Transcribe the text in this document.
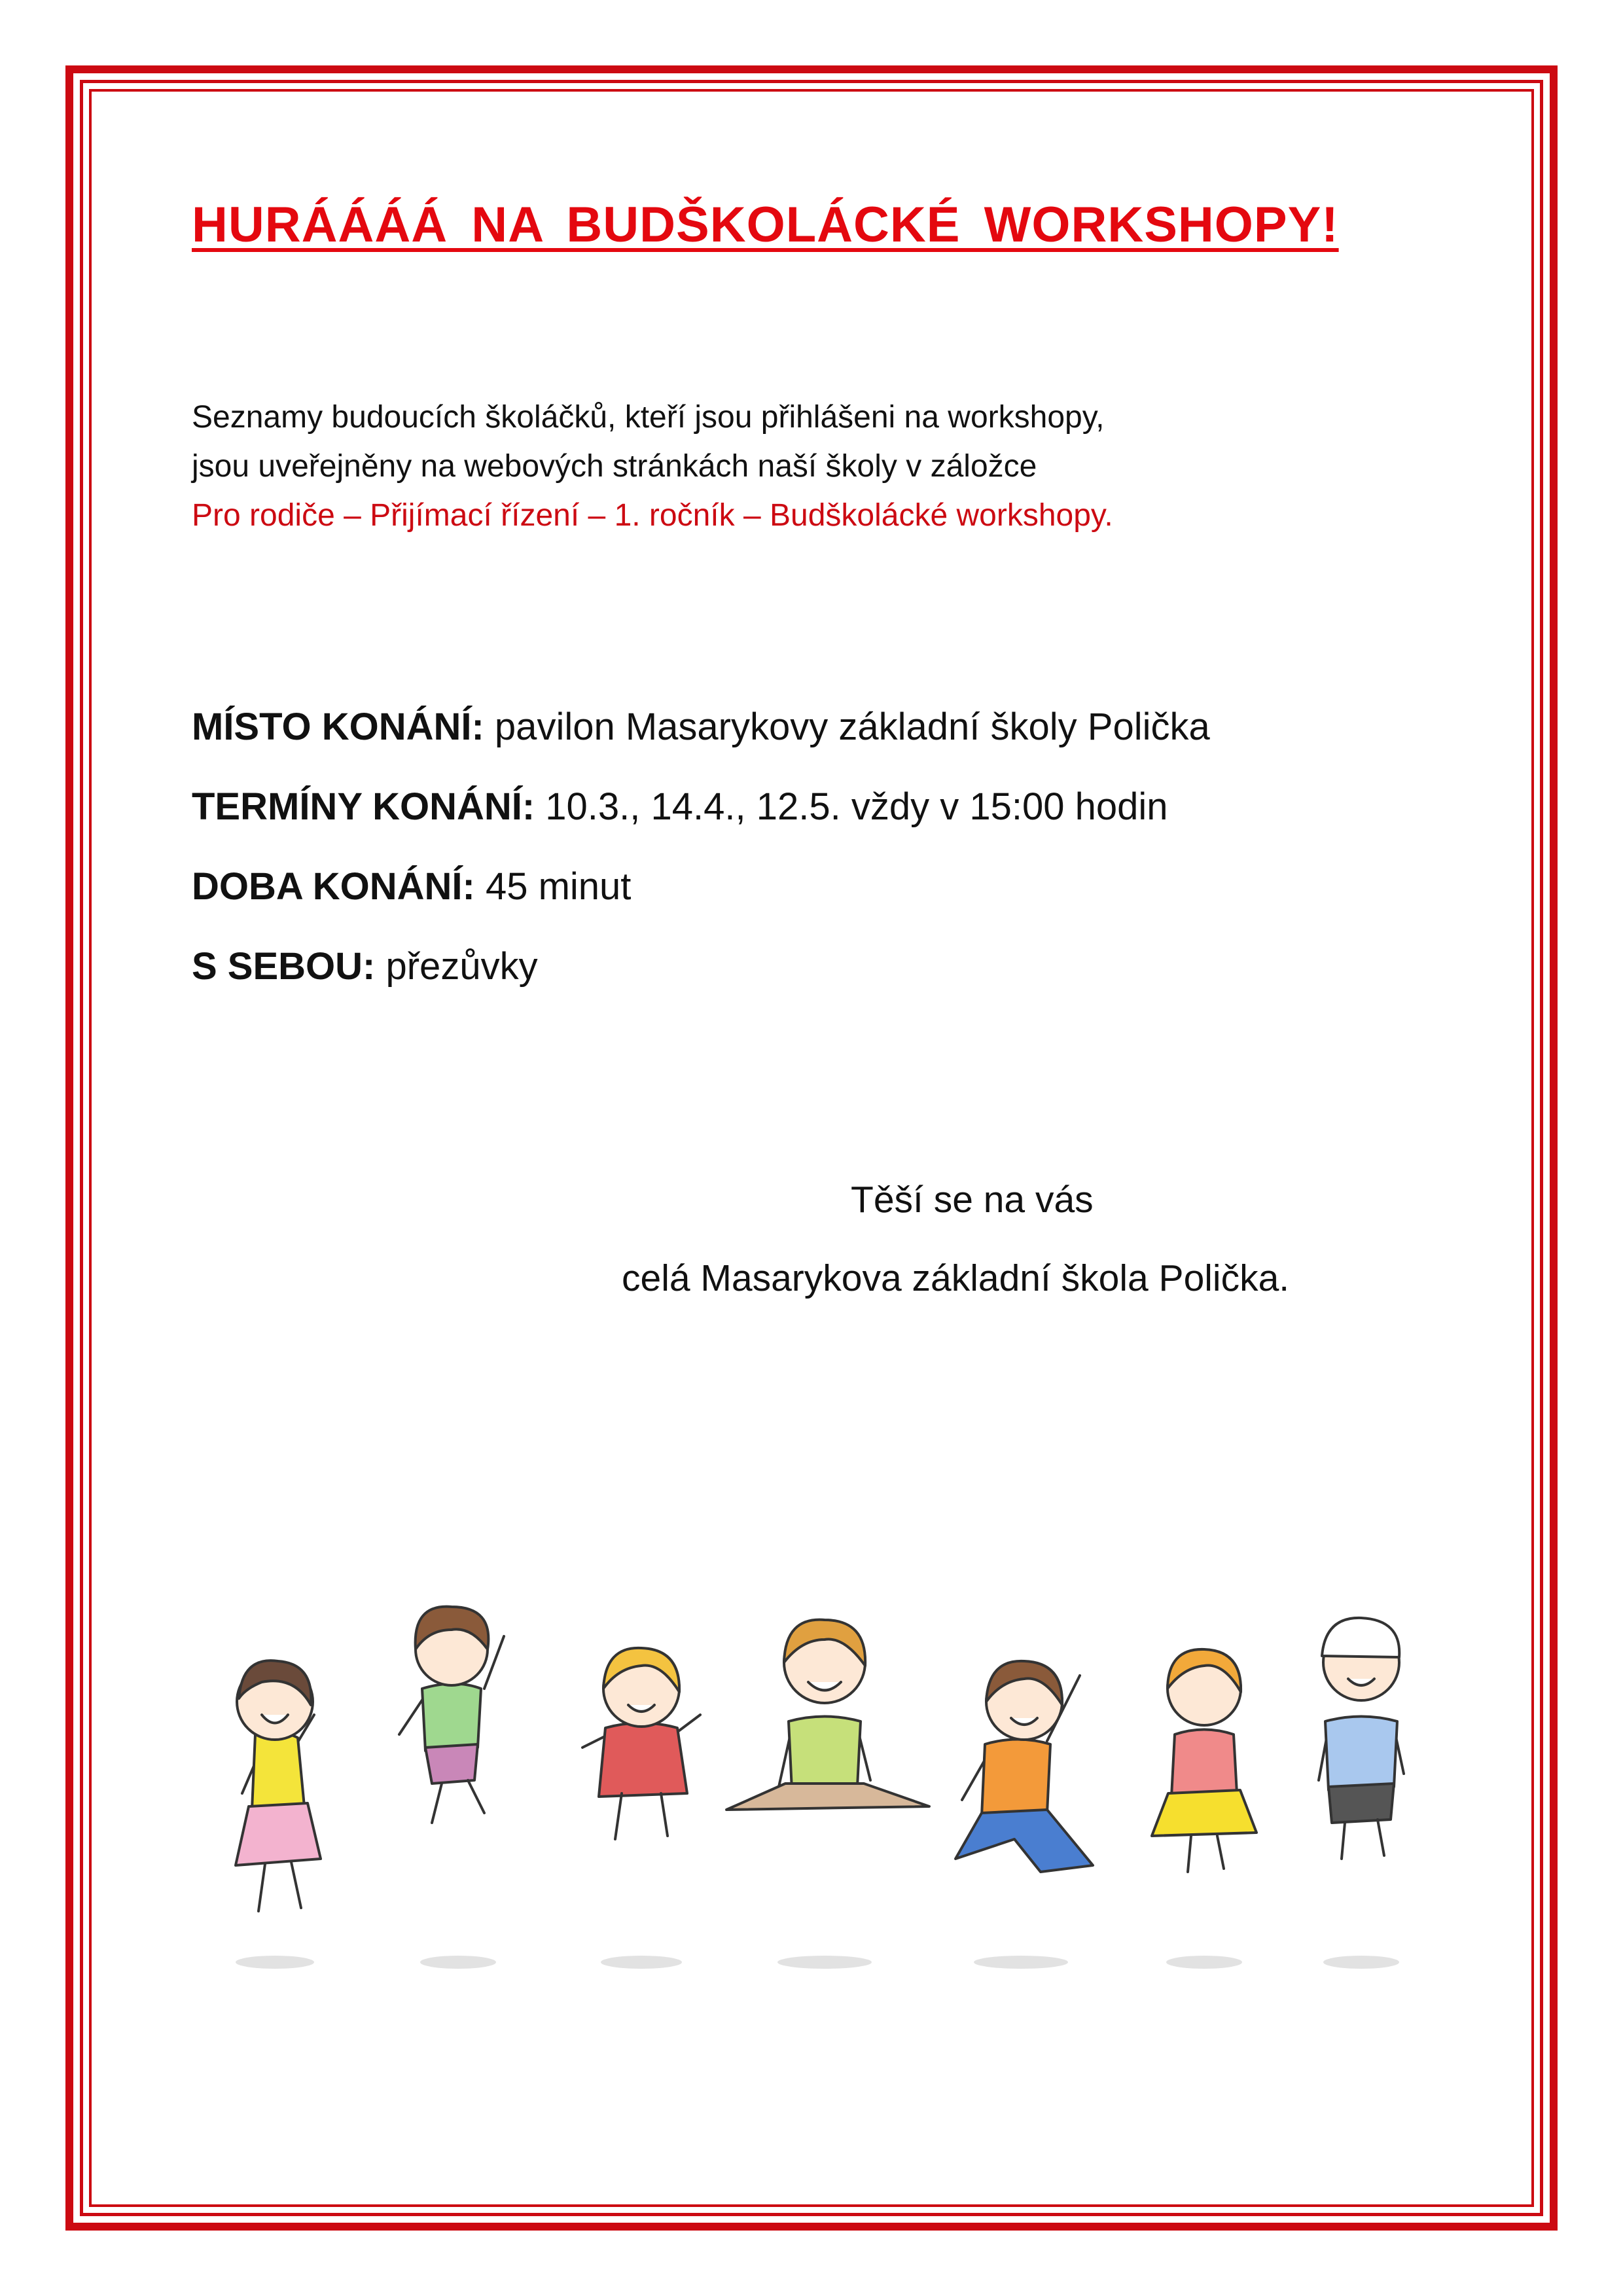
HURÁÁÁÁ NA BUDŠKOLÁCKÉ WORKSHOPY!
Seznamy budoucích školáčků, kteří jsou přihlášeni na workshopy,
jsou uveřejněny na webových stránkách naší školy v záložce
Pro rodiče – Přijímací řízení – 1. ročník – Budškolácké workshopy.
MÍSTO KONÁNÍ: pavilon Masarykovy základní školy Polička
TERMÍNY KONÁNÍ: 10.3., 14.4., 12.5. vždy v 15:00 hodin
DOBA KONÁNÍ: 45 minut
S SEBOU: přezůvky
Těší se na vás
celá Masarykova základní škola Polička.
